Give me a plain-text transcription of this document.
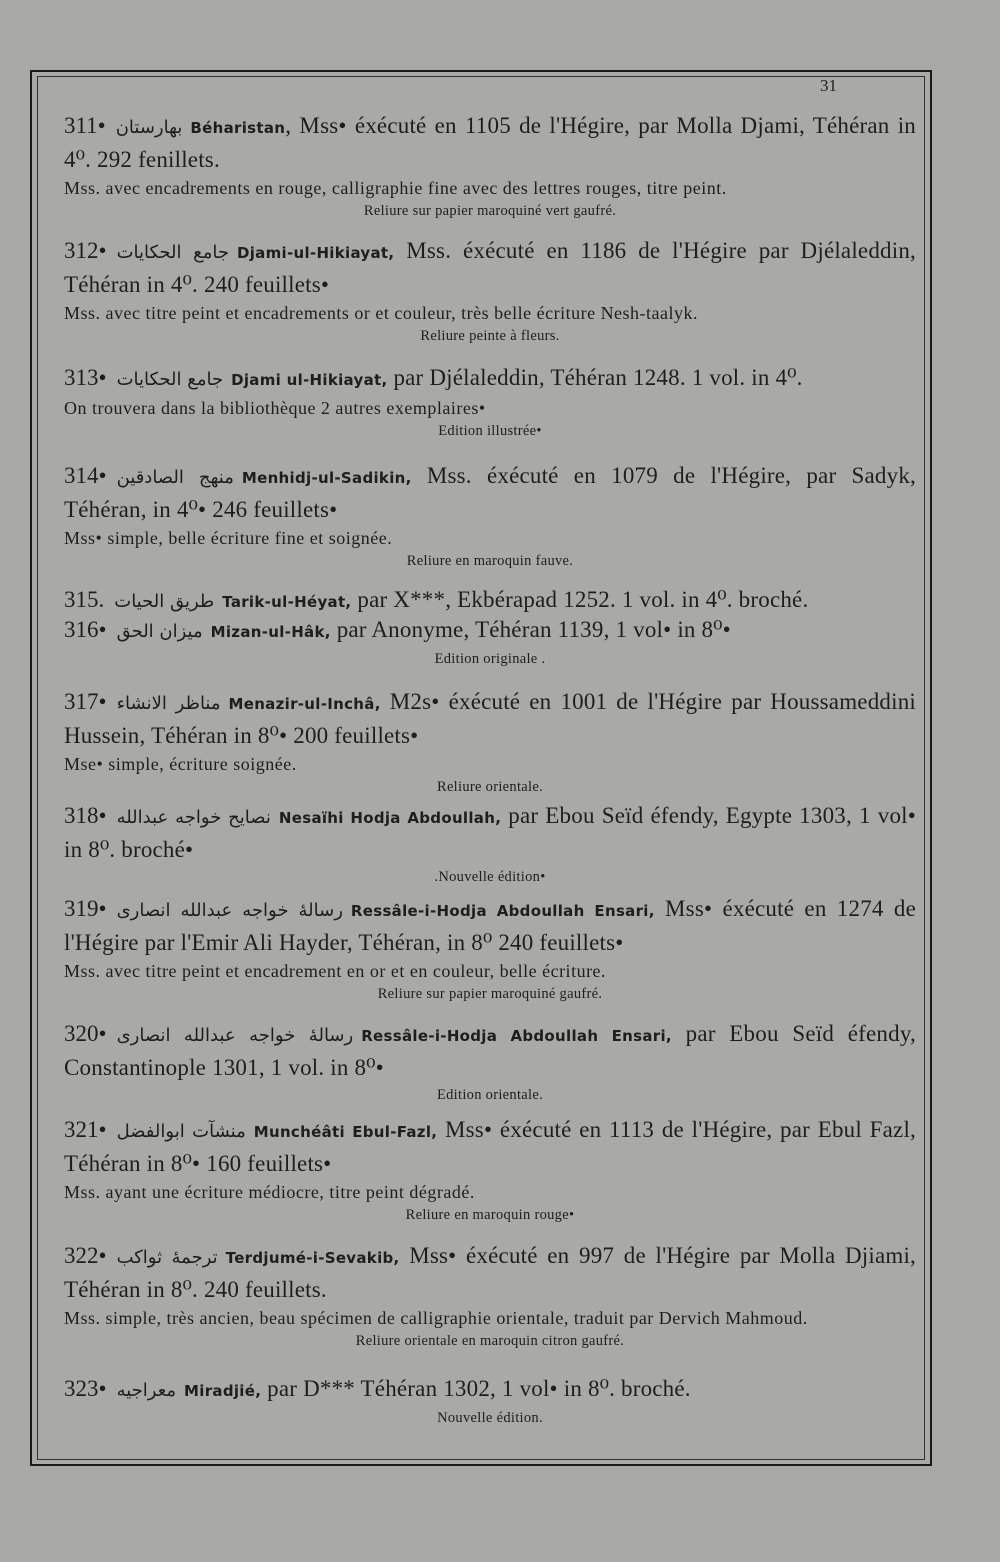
31
311• بهارستان Béharistan, Mss• éxécuté en 1105 de l'Hégire, par Molla Djami, Téhéran in 4⁰. 292 fenillets.
Mss. avec encadrements en rouge, calligraphie fine avec des lettres rouges, titre peint.
Reliure sur papier maroquiné vert gaufré.
312• جامع الحكايات Djami-ul-Hikiayat, Mss. éxécuté en 1186 de l'Hégire par Djélaleddin, Téhéran in 4⁰. 240 feuillets•
Mss. avec titre peint et encadrements or et couleur, très belle écriture Nesh-taalyk.
Reliure peinte à fleurs.
313• جامع الحكايات Djami ul-Hikiayat, par Djélaleddin, Téhéran 1248. 1 vol. in 4⁰.
On trouvera dans la bibliothèque 2 autres exemplaires•
Edition illustrée•
314• منهج الصادقين Menhidj-ul-Sadikin, Mss. éxécuté en 1079 de l'Hégire, par Sadyk, Téhéran, in 4⁰• 246 feuillets•
Mss• simple, belle écriture fine et soignée.
Reliure en maroquin fauve.
315. طريق الحيات Tarik-ul-Héyat, par X***, Ekbérapad 1252. 1 vol. in 4⁰. broché.
316• ميزان الحق Mizan-ul-Hâk, par Anonyme, Téhéran 1139, 1 vol• in 8⁰•
Edition originale .
317• مناظر الانشاء Menazir-ul-Inchâ, M2s• éxécuté en 1001 de l'Hégire par Houssameddini Hussein, Téhéran in 8⁰• 200 feuillets•
Mse• simple, écriture soignée.
Reliure orientale.
318• نصايح خواجه عبدالله Nesaïhi Hodja Abdoullah, par Ebou Seïd éfendy, Egypte 1303, 1 vol• in 8⁰. broché•
.Nouvelle édition•
319• رسالهٔ خواجه عبدالله انصارى Ressâle-i-Hodja Abdoullah Ensari, Mss• éxécuté en 1274 de l'Hégire par l'Emir Ali Hayder, Téhéran, in 8⁰ 240 feuillets•
Mss. avec titre peint et encadrement en or et en couleur, belle écriture.
Reliure sur papier maroquiné gaufré.
320• رسالهٔ خواجه عبدالله انصارى Ressâle-i-Hodja Abdoullah Ensari, par Ebou Seïd éfendy, Constantinople 1301, 1 vol. in 8⁰•
Edition orientale.
321• منشآت ابوالفضل Munchéâti Ebul-Fazl, Mss• éxécuté en 1113 de l'Hégire, par Ebul Fazl, Téhéran in 8⁰• 160 feuillets•
Mss. ayant une écriture médiocre, titre peint dégradé.
Reliure en maroquin rouge•
322• ترجمهٔ ثواكب Terdjumé-i-Sevakib, Mss• éxécuté en 997 de l'Hégire par Molla Djiami, Téhéran in 8⁰. 240 feuillets.
Mss. simple, très ancien, beau spécimen de calligraphie orientale, traduit par Dervich Mahmoud.
Reliure orientale en maroquin citron gaufré.
323• معراجيه Miradjié, par D*** Téhéran 1302, 1 vol• in 8⁰. broché.
Nouvelle édition.
